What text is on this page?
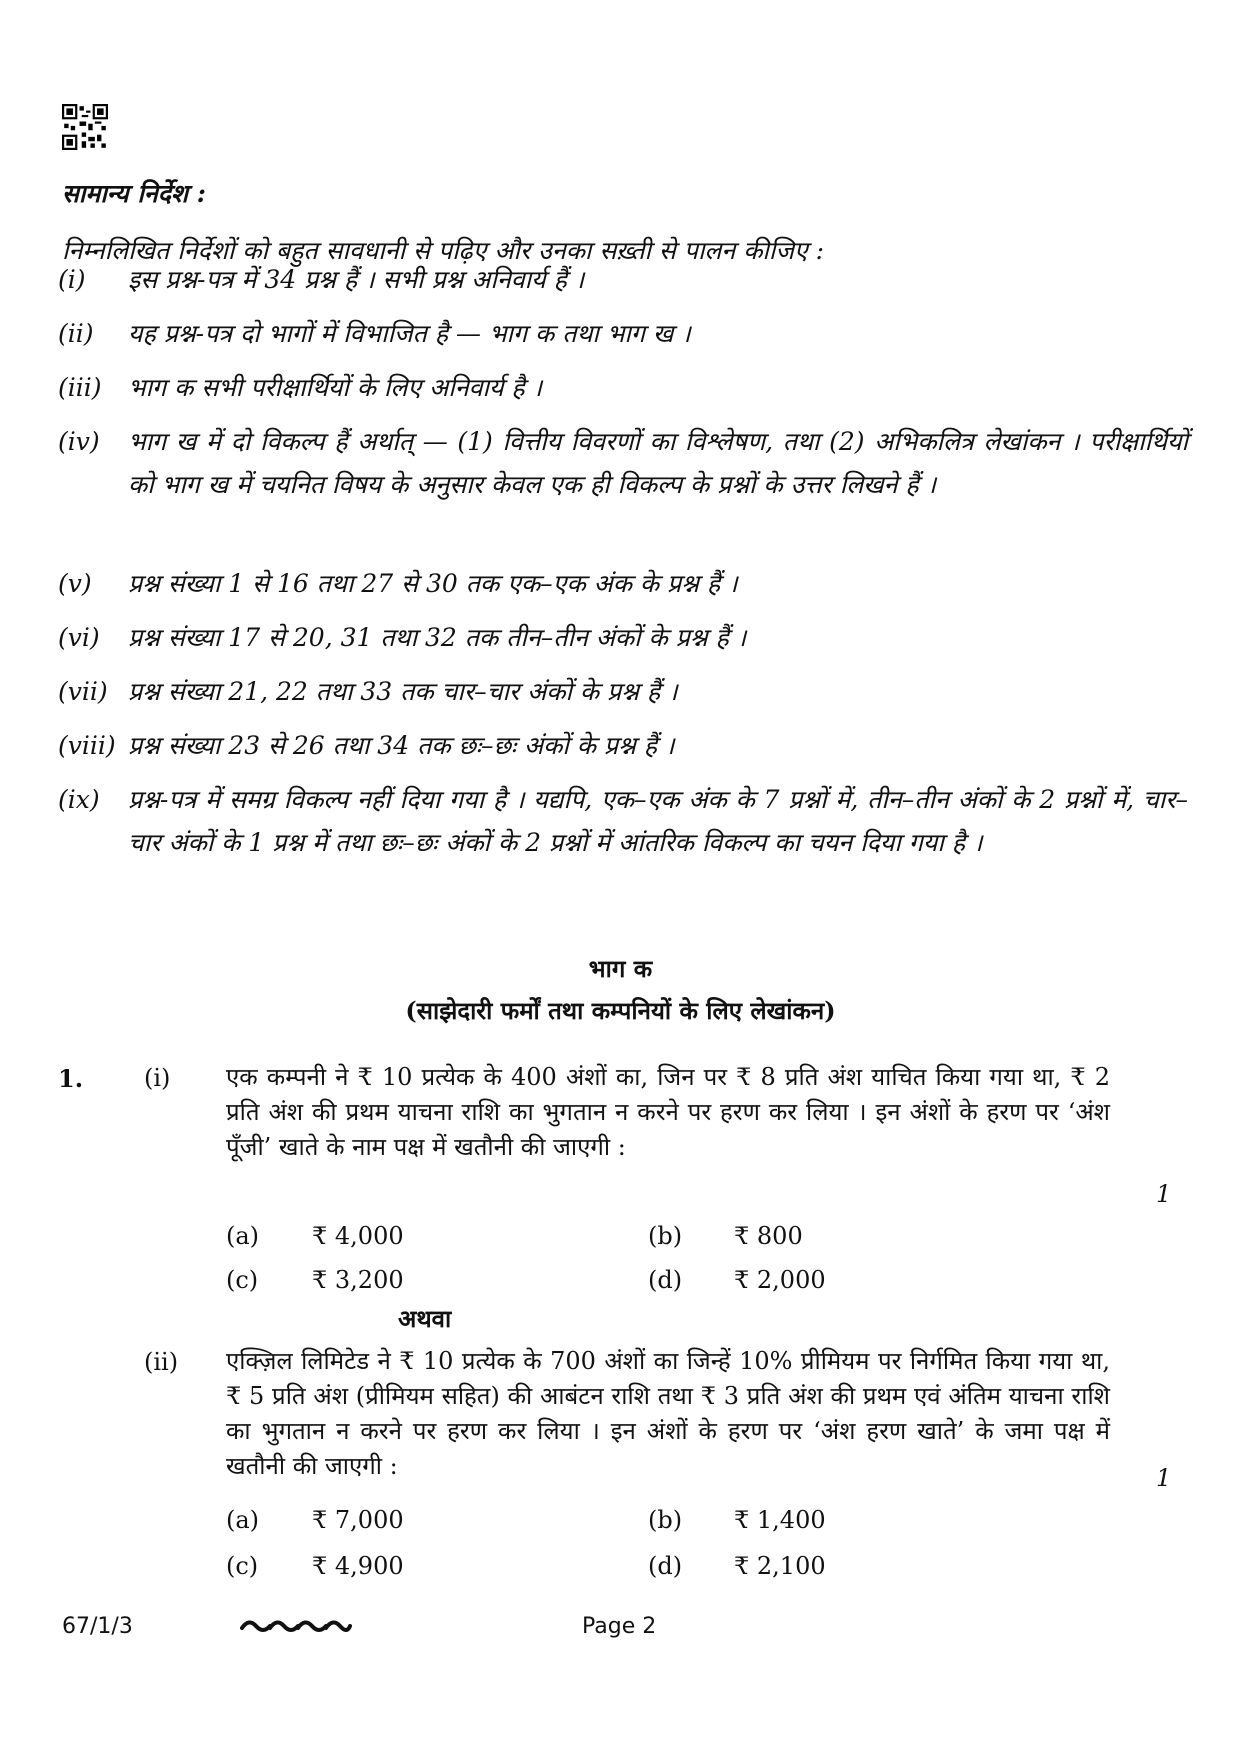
सामान्य निर्देश :
निम्नलिखित निर्देशों को बहुत सावधानी से पढ़िए और उनका सख़्ती से पालन कीजिए :
(i) इस प्रश्न-पत्र में 34 प्रश्न हैं । सभी प्रश्न अनिवार्य हैं ।
(ii) यह प्रश्न-पत्र दो भागों में विभाजित है — भाग क तथा भाग ख ।
(iii) भाग क सभी परीक्षार्थियों के लिए अनिवार्य है ।
(iv) भाग ख में दो विकल्प हैं अर्थात् — (1) वित्तीय विवरणों का विश्लेषण, तथा (2) अभिकलित्र लेखांकन । परीक्षार्थियों को भाग ख में चयनित विषय के अनुसार केवल एक ही विकल्प के प्रश्नों के उत्तर लिखने हैं ।
(v) प्रश्न संख्या 1 से 16 तथा 27 से 30 तक एक–एक अंक के प्रश्न हैं ।
(vi) प्रश्न संख्या 17 से 20, 31 तथा 32 तक तीन–तीन अंकों के प्रश्न हैं ।
(vii) प्रश्न संख्या 21, 22 तथा 33 तक चार–चार अंकों के प्रश्न हैं ।
(viii) प्रश्न संख्या 23 से 26 तथा 34 तक छः–छः अंकों के प्रश्न हैं ।
(ix) प्रश्न-पत्र में समग्र विकल्प नहीं दिया गया है । यद्यपि, एक–एक अंक के 7 प्रश्नों में, तीन–तीन अंकों के 2 प्रश्नों में, चार–चार अंकों के 1 प्रश्न में तथा छः–छः अंकों के 2 प्रश्नों में आंतरिक विकल्प का चयन दिया गया है ।
भाग क
(साझेदारी फर्मों तथा कम्पनियों के लिए लेखांकन)
1.	(i) एक कम्पनी ने ₹ 10 प्रत्येक के 400 अंशों का, जिन पर ₹ 8 प्रति अंश याचित किया गया था, ₹ 2 प्रति अंश की प्रथम याचना राशि का भुगतान न करने पर हरण कर लिया । इन अंशों के हरण पर ‘अंश पूँजी’ खाते के नाम पक्ष में खतौनी की जाएगी :
1
(a) ₹ 4,000	(b) ₹ 800
(c) ₹ 3,200	(d) ₹ 2,000
अथवा
(ii) एक्ज़िल लिमिटेड ने ₹ 10 प्रत्येक के 700 अंशों का जिन्हें 10% प्रीमियम पर निर्गमित किया गया था, ₹ 5 प्रति अंश (प्रीमियम सहित) की आबंटन राशि तथा ₹ 3 प्रति अंश की प्रथम एवं अंतिम याचना राशि का भुगतान न करने पर हरण कर लिया । इन अंशों के हरण पर ‘अंश हरण खाते’ के जमा पक्ष में खतौनी की जाएगी :	1
(a) ₹ 7,000	(b) ₹ 1,400
(c) ₹ 4,900	(d) ₹ 2,100
67/1/3	Page 2
